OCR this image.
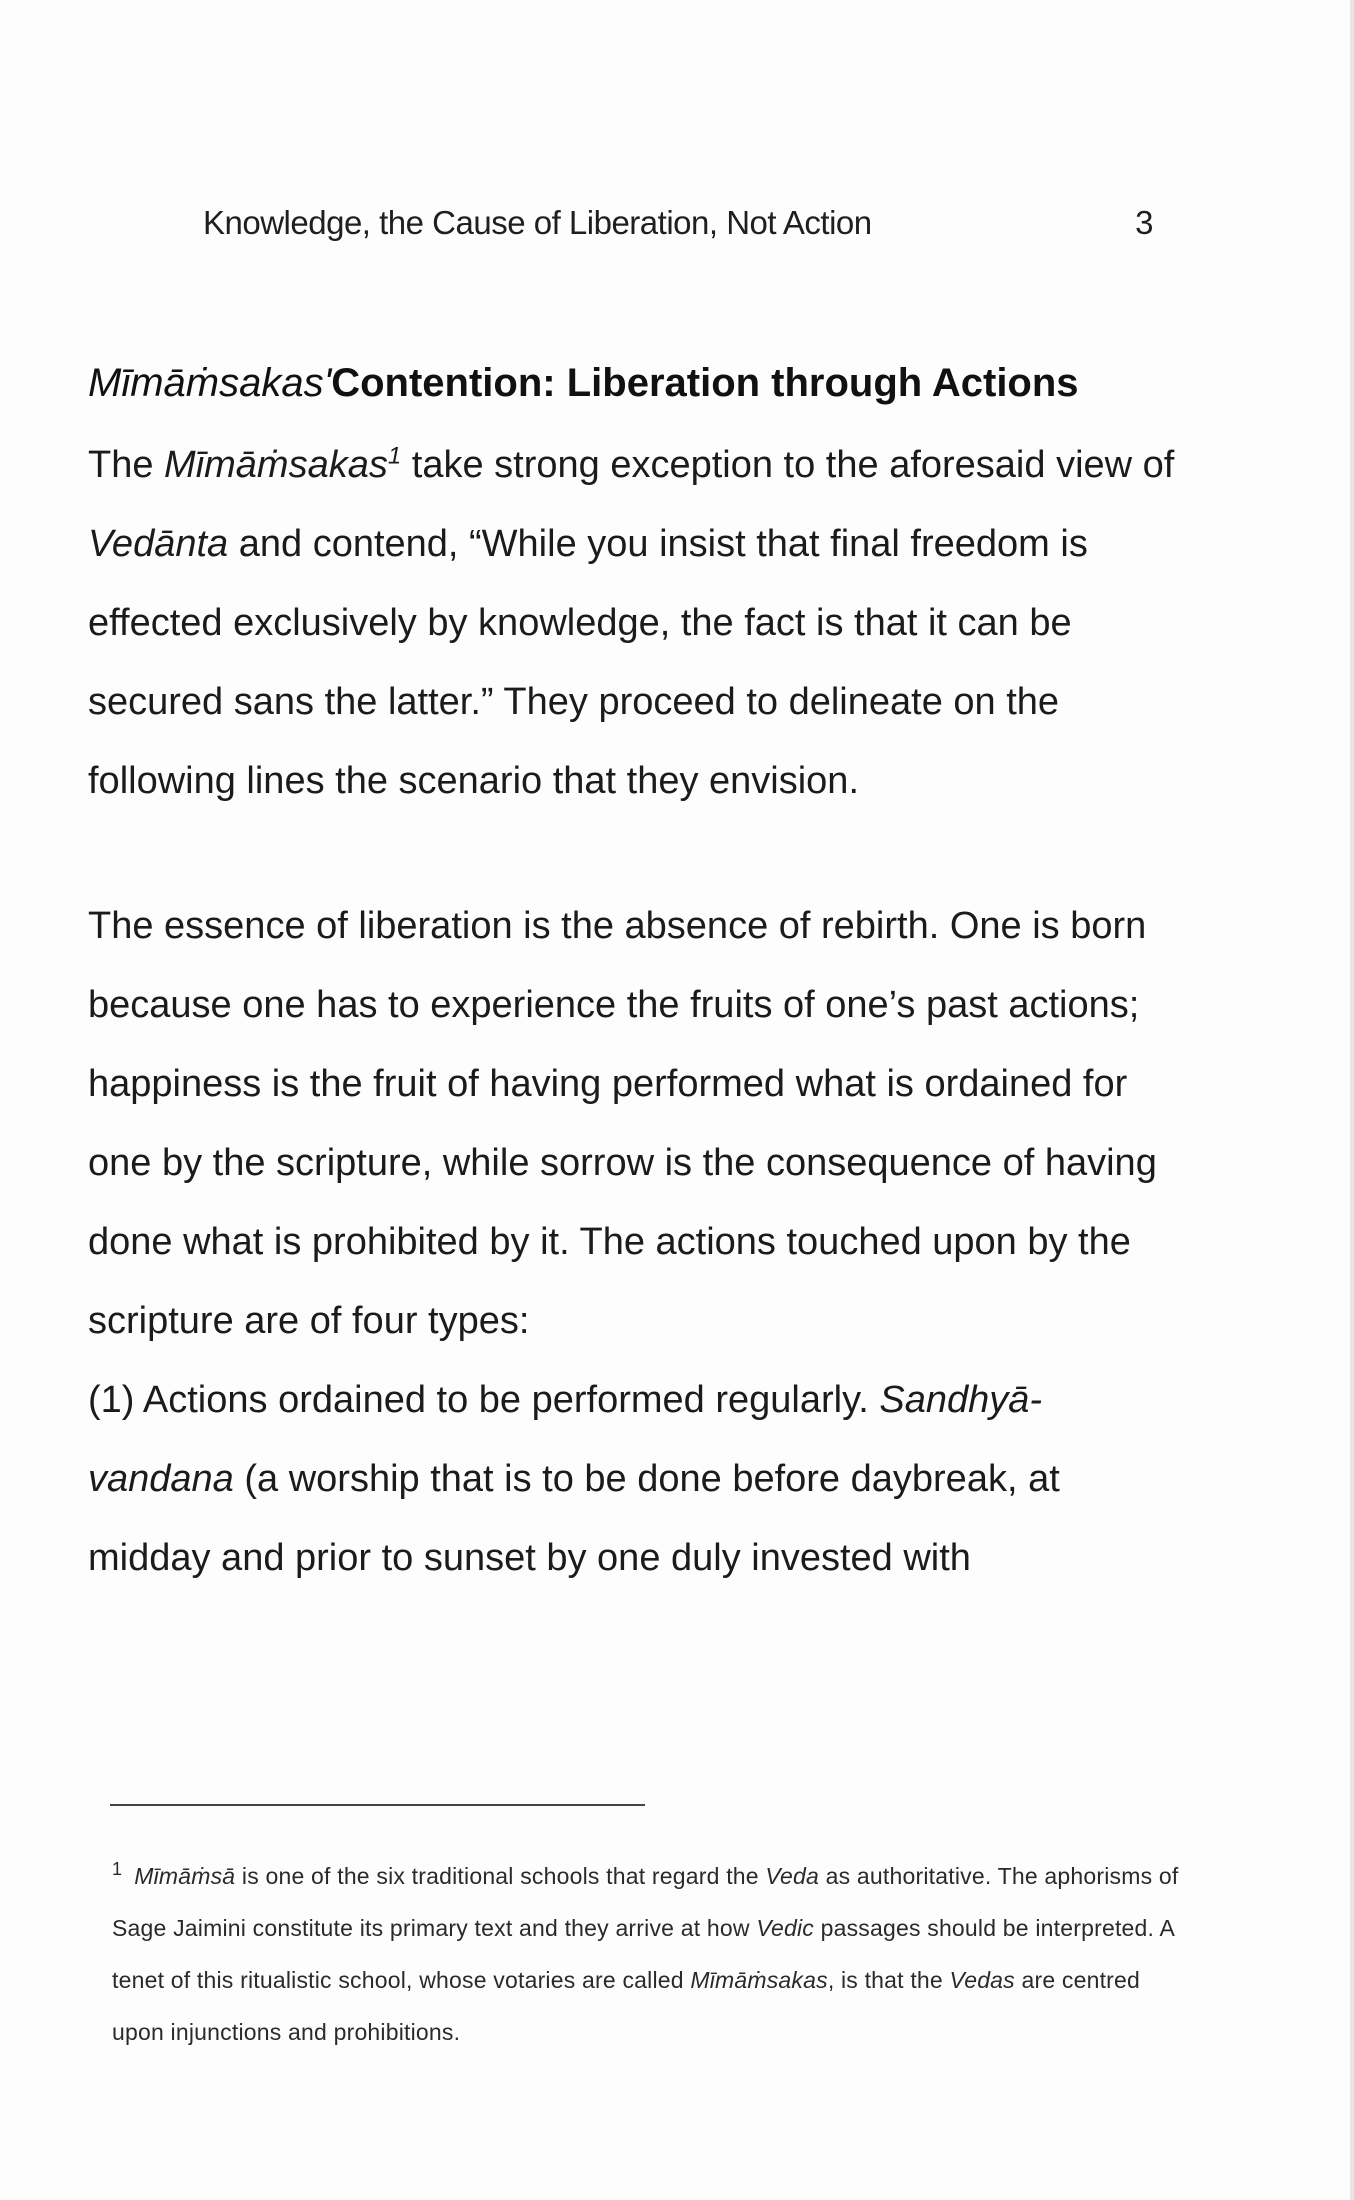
Knowledge, the Cause of Liberation, Not Action	3
Mīmāṁsakas'Contention: Liberation through Actions

The Mīmāṁsakas$^1$ take strong exception to the aforesaid view of Vedānta and contend, “While you insist that final freedom is effected exclusively by knowledge, the fact is that it can be secured sans the latter.” They proceed to delineate on the following lines the scenario that they envision.

The essence of liberation is the absence of rebirth. One is born because one has to experience the fruits of one’s past actions; happiness is the fruit of having performed what is ordained for one by the scripture, while sorrow is the consequence of having done what is prohibited by it. The actions touched upon by the scripture are of four types:

(1) Actions ordained to be performed regularly. Sandhyā-vandana (a worship that is to be done before daybreak, at midday and prior to sunset by one duly invested with

$^1$ Mīmāṁsā is one of the six traditional schools that regard the Veda as authoritative. The aphorisms of Sage Jaimini constitute its primary text and they arrive at how Vedic passages should be interpreted. A tenet of this ritualistic school, whose votaries are called Mīmāṁsakas, is that the Vedas are centred upon injunctions and prohibitions.
